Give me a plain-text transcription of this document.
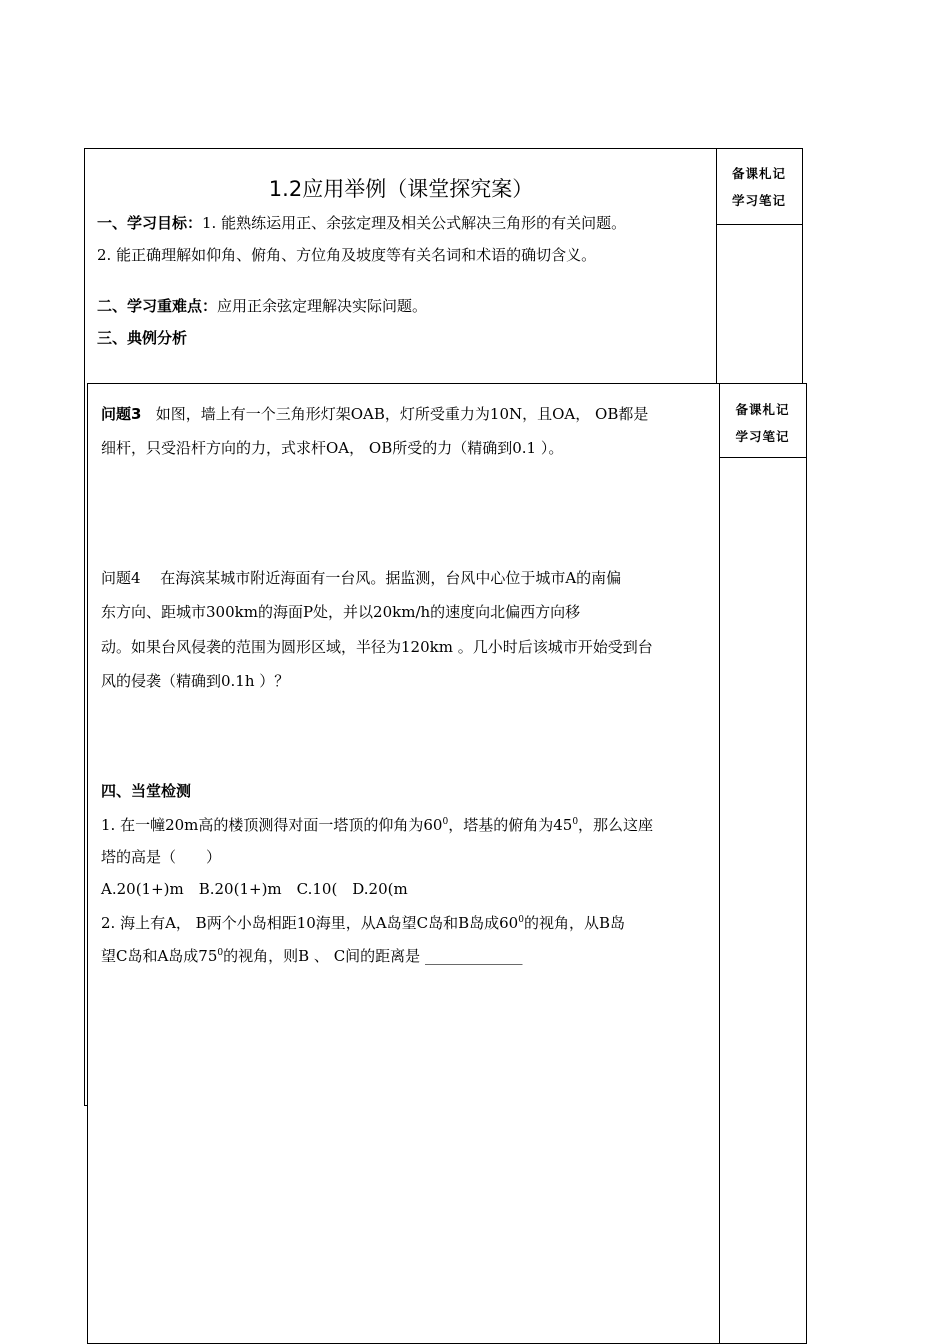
备课札记
学习笔记
1.2应用举例（课堂探究案）
一、学习目标：1. 能熟练运用正、余弦定理及相关公式解决三角形的有关问题。
2. 能正确理解如仰角、俯角、方位角及坡度等有关名词和术语的确切含义。
二、学习重难点：应用正余弦定理解决实际问题。
三、典例分析
备课札记
学习笔记
问题3 如图，墙上有一个三角形灯架OAB，灯所受重力为10N，且OA， OB都是
细杆，只受沿杆方向的力，式求杆OA， OB所受的力（精确到0.1 ）。
问题4　 在海滨某城市附近海面有一台风。据监测，台风中心位于城市A的南偏
东方向、距城市300km的海面P处，并以20km/h的速度向北偏西方向移
动。如果台风侵袭的范围为圆形区域，半径为120km 。几小时后该城市开始受到台
风的侵袭（精确到0.1h ）？
四、当堂检测
1. 在一幢20m高的楼顶测得对面一塔顶的仰角为$60^0$，塔基的俯角为$45^0$，那么这座
塔的高是（　　）
A.20(1+)m　B.20(1+)m　C.10(　D.20(m
2. 海上有A， B两个小岛相距10海里，从A岛望C岛和B岛成$60^0$的视角，从B岛
望C岛和A岛成$75^0$的视角，则B 、 C间的距离是 _____________
